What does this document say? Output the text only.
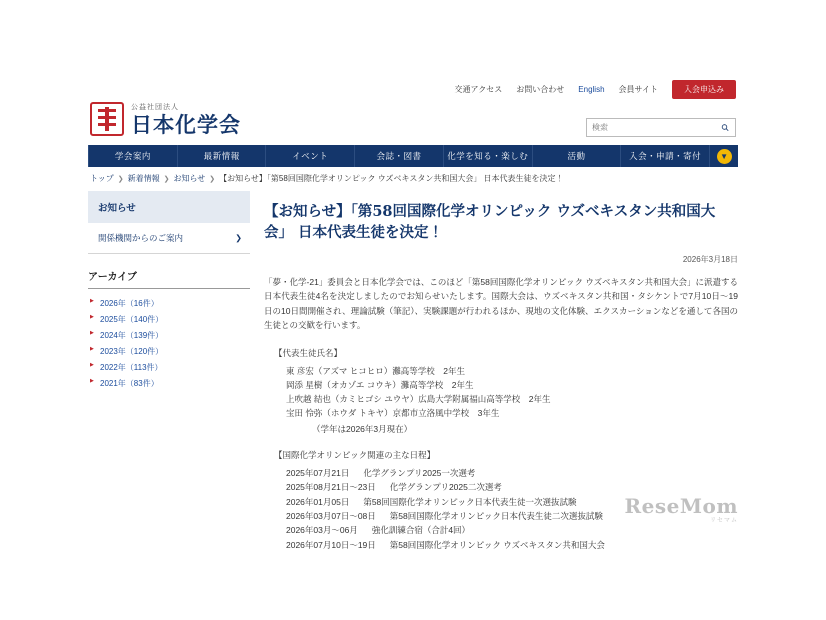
交通アクセス お問い合わせ English 会員サイト	入会申込み
公益社団法人
日本化学会
検索
学会案内	最新情報	イベント	会誌・図書	化学を知る・楽しむ	活動	入会・申請・寄付	▼
トップ ❯ 新着情報 ❯ お知らせ ❯ 【お知らせ】「第58回国際化学オリンピック ウズベキスタン共和国大会」 日本代表生徒を決定！
お知らせ
関係機関からのご案内	❯
アーカイブ
▶ 2026年（16件）
▶ 2025年（140件）
▶ 2024年（139件）
▶ 2023年（120件）
▶ 2022年（113件）
▶ 2021年（83件）
【お知らせ】「第58回国際化学オリンピック ウズベキスタン共和国大会」 日本代表生徒を決定！
2026年3月18日

「夢・化学-21」委員会と日本化学会では、このほど「第58回国際化学オリンピック ウズベキスタン共和国大会」に派遣する日本代表生徒4名を決定しましたのでお知らせいたします。国際大会は、ウズベキスタン共和国・タシケントで7月10日〜19日の10日間開催され、理論試験（筆記）、実験課題が行われるほか、現地の文化体験、エクスカーションなどを通して各国の生徒との交歓を行います。

【代表生徒氏名】
東 彦宏（アズマ ヒコヒロ）灘高等学校　2年生
岡添 星樹（オカゾエ コウキ）灘高等学校　2年生
上吹越 結也（カミヒゴシ ユウヤ）広島大学附属福山高等学校　2年生
宝田 怜弥（ホウダ トキヤ）京都市立洛風中学校　3年生
（学年は2026年3月現在）
【国際化学オリンピック関連の主な日程】
2025年07月21日 化学グランプリ2025一次選考
2025年08月21日〜23日 化学グランプリ2025二次選考
2026年01月05日 第58回国際化学オリンピック日本代表生徒一次選抜試験
2026年03月07日〜08日 第58回国際化学オリンピック日本代表生徒二次選抜試験
2026年03月〜06月 強化訓練合宿（合計4回）
2026年07月10日〜19日 第58回国際化学オリンピック ウズベキスタン共和国大会
ReseMom
リセマム
